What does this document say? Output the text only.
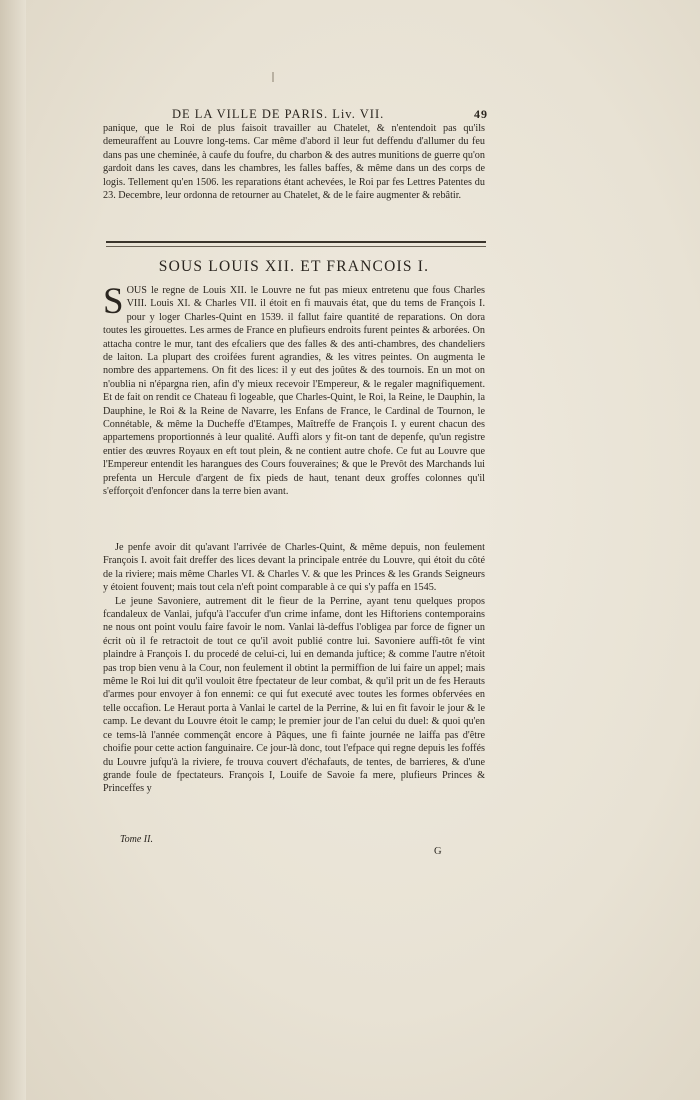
DE LA VILLE DE PARIS. Liv. VII.	49

panique, que le Roi de plus faisoit travailler au Chatelet, & n'entendoit pas qu'ils demeuraffent au Louvre long-tems. Car même d'abord il leur fut deffendu d'allumer du feu dans pas une cheminée, à caufe du foufre, du charbon & des autres munitions de guerre qu'on gardoit dans les caves, dans les chambres, les falles baffes, & même dans un des corps de logis. Tellement qu'en 1506. les reparations étant achevées, le Roi par fes Lettres Patentes du 23. Decembre, leur ordonna de retourner au Chatelet, & de le faire augmenter & rebâtir.

SOUS LOUIS XII. ET FRANCOIS I.

S OUS le regne de Louis XII. le Louvre ne fut pas mieux entretenu que fous Charles VIII. Louis XI. & Charles VII. il étoit en fi mauvais état, que du tems de François I. pour y loger Charles-Quint en 1539. il fallut faire quantité de reparations. On dora toutes les girouettes. Les armes de France en plufieurs endroits furent peintes & arborées. On attacha contre le mur, tant des efcaliers que des falles & des anti-chambres, des chandeliers de laiton. La plupart des croifées furent agrandies, & les vitres peintes. On augmenta le nombre des appartemens. On fit des lices: il y eut des joûtes & des tournois. En un mot on n'oublia ni n'épargna rien, afin d'y mieux recevoir l'Empereur, & le regaler magnifiquement. Et de fait on rendit ce Chateau fi logeable, que Charles-Quint, le Roi, la Reine, le Dauphin, la Dauphine, le Roi & la Reine de Navarre, les Enfans de France, le Cardinal de Tournon, le Connétable, & même la Ducheffe d'Etampes, Maîtreffe de François I. y eurent chacun des appartemens proportionnés à leur qualité. Auffi alors y fit-on tant de depenfe, qu'un registre entier des œuvres Royaux en eft tout plein, & ne contient autre chofe. Ce fut au Louvre que l'Empereur entendit les harangues des Cours fouveraines; & que le Prevôt des Marchands lui prefenta un Hercule d'argent de fix pieds de haut, tenant deux groffes colonnes qu'il s'efforçoit d'enfoncer dans la terre bien avant.

Je penfe avoir dit qu'avant l'arrivée de Charles-Quint, & même depuis, non feulement François I. avoit fait dreffer des lices devant la principale entrée du Louvre, qui étoit du côté de la riviere; mais même Charles VI. & Charles V. & que les Princes & les Grands Seigneurs y étoient fouvent; mais tout cela n'eft point comparable à ce qui s'y paffa en 1545.

Le jeune Savoniere, autrement dit le fieur de la Perrine, ayant tenu quelques propos fcandaleux de Vanlai, jufqu'à l'accufer d'un crime infame, dont les Hiftoriens contemporains ne nous ont point voulu faire favoir le nom. Vanlai là-deffus l'obligea par force de figner un écrit où il fe retractoit de tout ce qu'il avoit publié contre lui. Savoniere auffi-tôt fe vint plaindre à François I. du procedé de celui-ci, lui en demanda juftice; & comme l'autre n'étoit pas trop bien venu à la Cour, non feulement il obtint la permiffion de lui faire un appel; mais même le Roi lui dit qu'il vouloit être fpectateur de leur combat, & qu'il prit un de fes Herauts d'armes pour envoyer à fon ennemi: ce qui fut executé avec toutes les formes obfervées en telle occafion. Le Heraut porta à Vanlai le cartel de la Perrine, & lui en fit favoir le jour & le camp. Le devant du Louvre étoit le camp; le premier jour de l'an celui du duel: & quoi qu'en ce tems-là l'année commençât encore à Pâques, une fi fainte journée ne laiffa pas d'être choifie pour cette action fanguinaire. Ce jour-là donc, tout l'efpace qui regne depuis les foffés du Louvre jufqu'à la riviere, fe trouva couvert d'échafauts, de tentes, de barrieres, & d'une grande foule de fpectateurs. François I, Louife de Savoie fa mere, plufieurs Princes & Princeffes y

Tome II.
G
